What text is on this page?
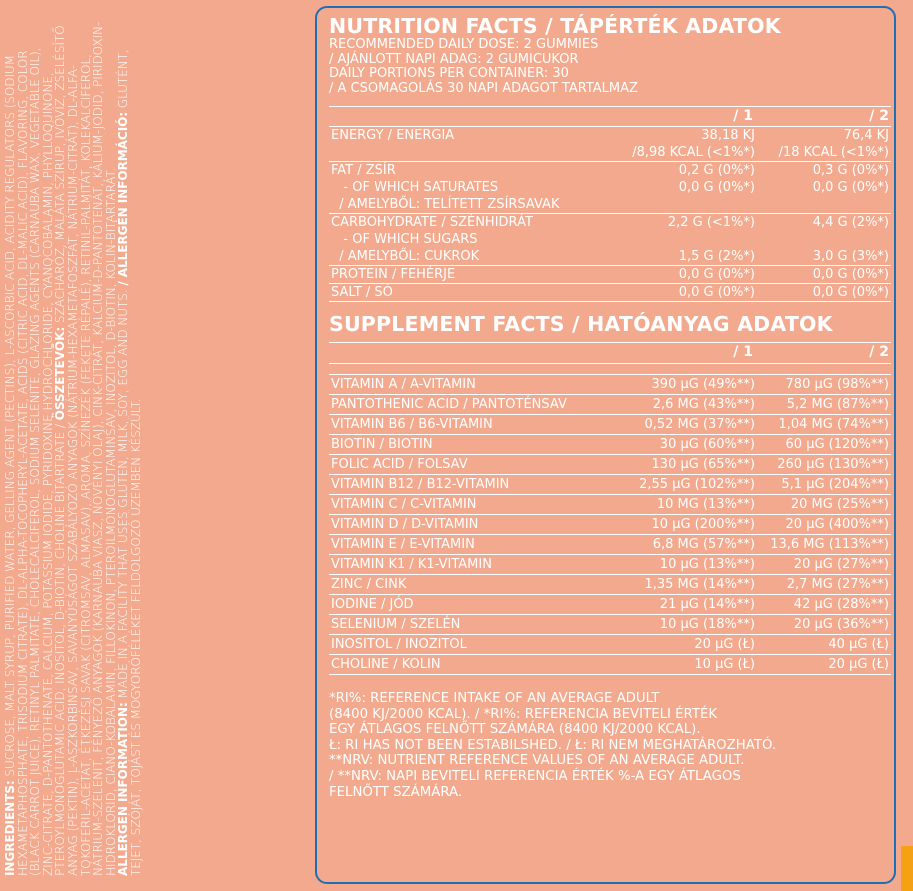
INGREDIENTS: SUCROSE, MALT SYRUP, PURIFIED WATER, GELLING AGENT (PECTINS), L-ASCORBIC ACID, ACIDITY REGULATORS (SODIUM HEXAMETAPHOSPHATE, TRISODIUM CITRATE), DL-ALPHA-TOCOPHERYL-ACETATE, ACIDS (CITRIC ACID, DL-MALIC ACID), FLAVORING, COLOR (BLACK CARROT JUICE), RETINYL PALMITATE, CHOLECALCIFEROL, SODIUM SELENITE, GLAZING AGENTS (CARNAUBA WAX, VEGETABLE OIL), ZINC-CITRATE, D-PANTOTHENATE, CALCIUM, POTASSIUM IODIDE, PYRIDOXINE HYDROCHLORIDE, CYANOCOBALAMIN, PHYLLOQUINONE, PTEROYLMONOGLUTAMIC ACID, INOSITOL, D-BIOTIN, CHOLINE BITARTRATE / ÖSSZETEVŐK: SZACHARÓZ, MALÁTA SZIRUP, IVÓVÍZ, ZSELÉSÍTŐ ANYAG (PEKTIN), L-ASZKORBINSAV, SAVANYÚSÁGOT SZABÁLYOZÓ ANYAGOK (NÁTRIUM-HEXAMETAFOSZFÁT, NÁTRIUM-CITRÁT), DL-ALFA-TOKOFERIL-ACETÁT, ÉTKEZÉSI SAVAK (CITROMSAV, ALMASAV), AROMA, SZÍNEZÉK (FEKETE RÉPALÉ), RETINIL-PALMITÁT, KOLEKALCIFEROL, NÁTRIUM-SZELENIT, FÉNYEZŐ ANYAGOK (KARNAUBA VIASZ, NÖVÉNYI OLAJ), CINK-CITRÁT, KALCIUM-D-PANTOTENÁT, KÁLIUM-JODID, PIRIDOXIN-HIDROKLORID, CIANO-KOBALAMIN, FILLOKINON, PTEROILMONOGLUTAMINSAV, INOZITOL, D-BIOTIN, KOLIN-BITARTARÁT.

ALLERGEN INFORMATION: MADE IN A FACILITY THAT USES GLUTEN, MILK, SOY, EGG AND NUTS. / ALLERGÉN INFORMÁCIÓ: GLUTÉNT, TEJET, SZÓJÁT, TOJÁST ÉS MOGYORÓFÉLÉKET FELDOLGOZÓ ÜZEMBEN KÉSZÜLT.

NUTRITION FACTS / TÁPÉRTÉK ADATOK
RECOMMENDED DAILY DOSE: 2 GUMMIES
/ AJÁNLOTT NAPI ADAG: 2 GUMICUKOR
DAILY PORTIONS PER CONTAINER: 30
/ A CSOMAGOLÁS 30 NAPI ADAGOT TARTALMAZ
/ 1	/ 2
ENERGY / ENERGIA	38,18 KJ	76,4 KJ
/8,98 KCAL (<1%*) /18 KCAL (<1%*)
FAT / ZSÍR	0,2 G (0%*)	0,3 G (0%*)
- OF WHICH SATURATES	0,0 G (0%*)	0,0 G (0%*)
/ AMELYBŐL: TELÍTETT ZSÍRSAVAK
CARBOHYDRATE / SZÉNHIDRÁT	2,2 G (<1%*)	4,4 G (2%*)
- OF WHICH SUGARS
/ AMELYBŐL: CUKROK	1,5 G (2%*)	3,0 G (3%*)
PROTEIN / FEHÉRJE	0,0 G (0%*)	0,0 G (0%*)
SALT / SÓ	0,0 G (0%*)	0,0 G (0%*)
SUPPLEMENT FACTS / HATÓANYAG ADATOK
/ 1	/ 2
VITAMIN A / A-VITAMIN	390 µG (49%**) 780 µG (98%**)
PANTOTHENIC ACID / PANTOTÉNSAV	2,6 MG (43%**) 5,2 MG (87%**)
VITAMIN B6 / B6-VITAMIN	0,52 MG (37%**) 1,04 MG (74%**)
BIOTIN / BIOTIN	30 µG (60%**) 60 µG (120%**)
FOLIC ACID / FOLSAV	130 µG (65%**) 260 µG (130%**)
VITAMIN B12 / B12-VITAMIN	2,55 µG (102%**) 5,1 µG (204%**)
VITAMIN C / C-VITAMIN	10 MG (13%**)	20 MG (25%**)
VITAMIN D / D-VITAMIN	10 µG (200%**) 20 µG (400%**)
VITAMIN E / E-VITAMIN	6,8 MG (57%**) 13,6 MG (113%**)
VITAMIN K1 / K1-VITAMIN	10 µG (13%**)	20 µG (27%**)
ZINC / CINK	1,35 MG (14%**) 2,7 MG (27%**)
IODINE / JÓD	21 µG (14%**)	42 µG (28%**)
SELENIUM / SZELÉN	10 µG (18%**)	20 µG (36%**)
INOSITOL / INOZITOL	20 µG (Ł)	40 µG (Ł)
CHOLINE / KOLIN	10 µG (Ł)	20 µG (Ł)

*RI%: REFERENCE INTAKE OF AN AVERAGE ADULT

(8400 KJ/2000 KCAL). / *RI%: REFERENCIA BEVITELI ÉRTÉK

EGY ÁTLAGOS FELNŐTT SZÁMÁRA (8400 KJ/2000 KCAL).

Ł: RI HAS NOT BEEN ESTABILSHED. / Ł: RI NEM MEGHATÁROZHATÓ.

**NRV: NUTRIENT REFERENCE VALUES OF AN AVERAGE ADULT.

/ **NRV: NAPI BEVITELI REFERENCIA ÉRTÉK %-A EGY ÁTLAGOS

FELNŐTT SZÁMÁRA.
